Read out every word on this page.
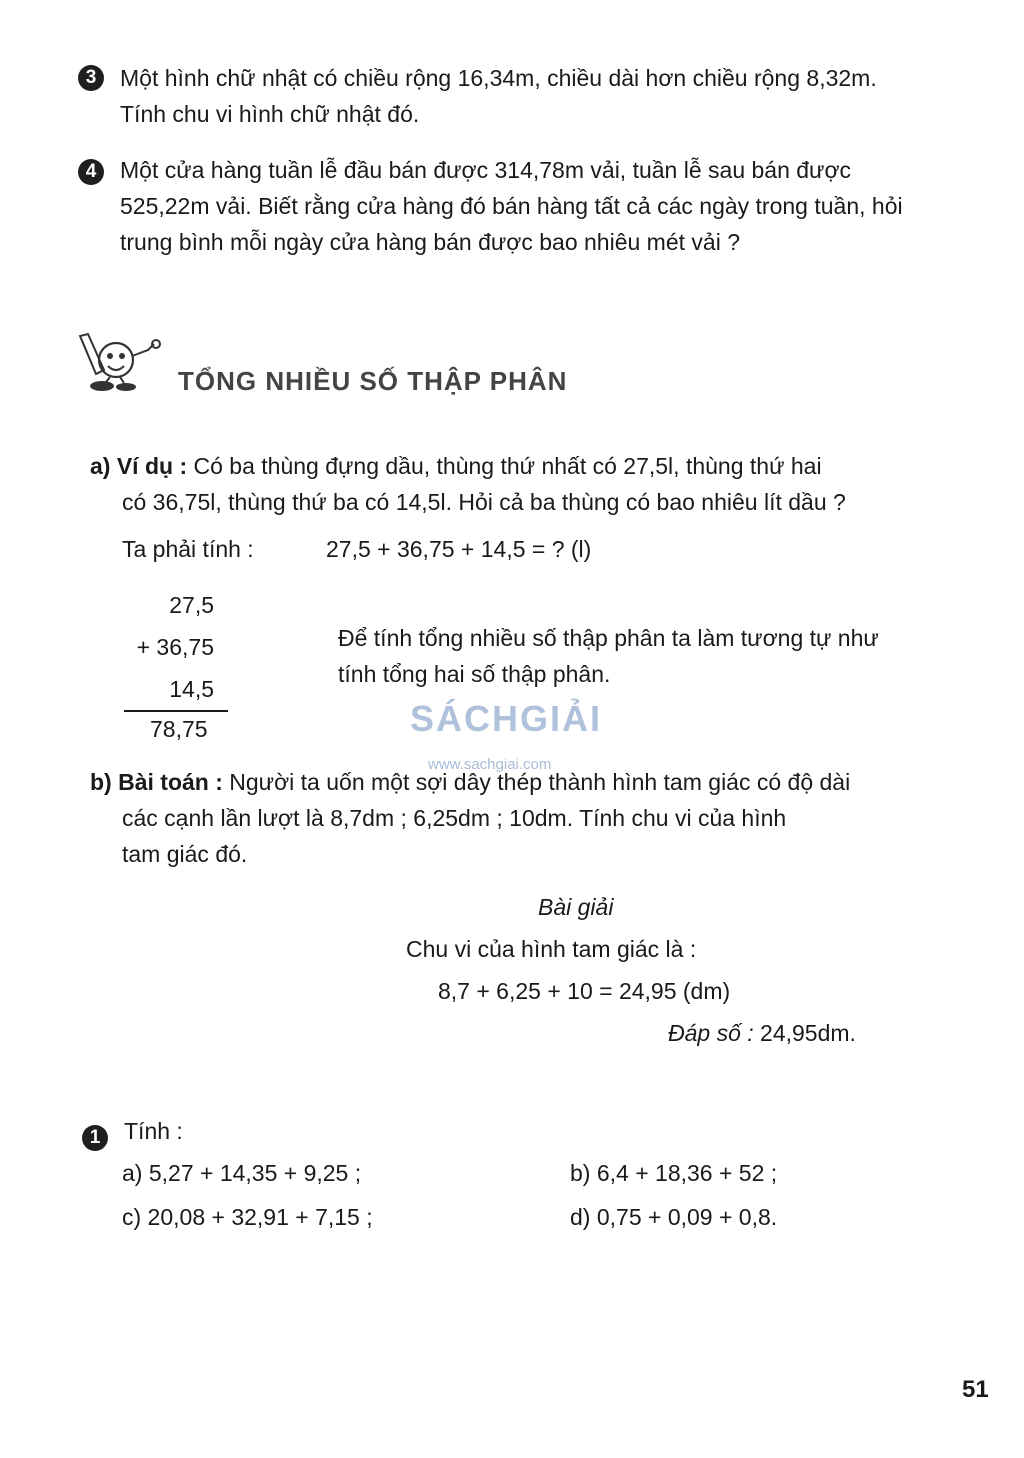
3	Một hình chữ nhật có chiều rộng 16,34m, chiều dài hơn chiều rộng 8,32m.
Tính chu vi hình chữ nhật đó.
4	Một cửa hàng tuần lễ đầu bán được 314,78m vải, tuần lễ sau bán được
525,22m vải. Biết rằng cửa hàng đó bán hàng tất cả các ngày trong tuần, hỏi
trung bình mỗi ngày cửa hàng bán được bao nhiêu mét vải ?
TỔNG NHIỀU SỐ THẬP PHÂN
a) Ví dụ : Có ba thùng đựng dầu, thùng thứ nhất có 27,5l, thùng thứ hai
có 36,75l, thùng thứ ba có 14,5l. Hỏi cả ba thùng có bao nhiêu lít dầu ?
Ta phải tính :	27,5 + 36,75 + 14,5 = ? (l)
27,5
+ 36,75
14,5
78,75
Để tính tổng nhiều số thập phân ta làm tương tự như
tính tổng hai số thập phân.
SÁCHGIẢI
www.sachgiai.com
b) Bài toán : Người ta uốn một sợi dây thép thành hình tam giác có độ dài
các cạnh lần lượt là 8,7dm ; 6,25dm ; 10dm. Tính chu vi của hình
tam giác đó.
Bài giải
Chu vi của hình tam giác là :
8,7 + 6,25 + 10 = 24,95 (dm)
Đáp số : 24,95dm.
1	Tính :
a) 5,27 + 14,35 + 9,25 ;	b) 6,4 + 18,36 + 52 ;
c) 20,08 + 32,91 + 7,15 ;	d) 0,75 + 0,09 + 0,8.
51
